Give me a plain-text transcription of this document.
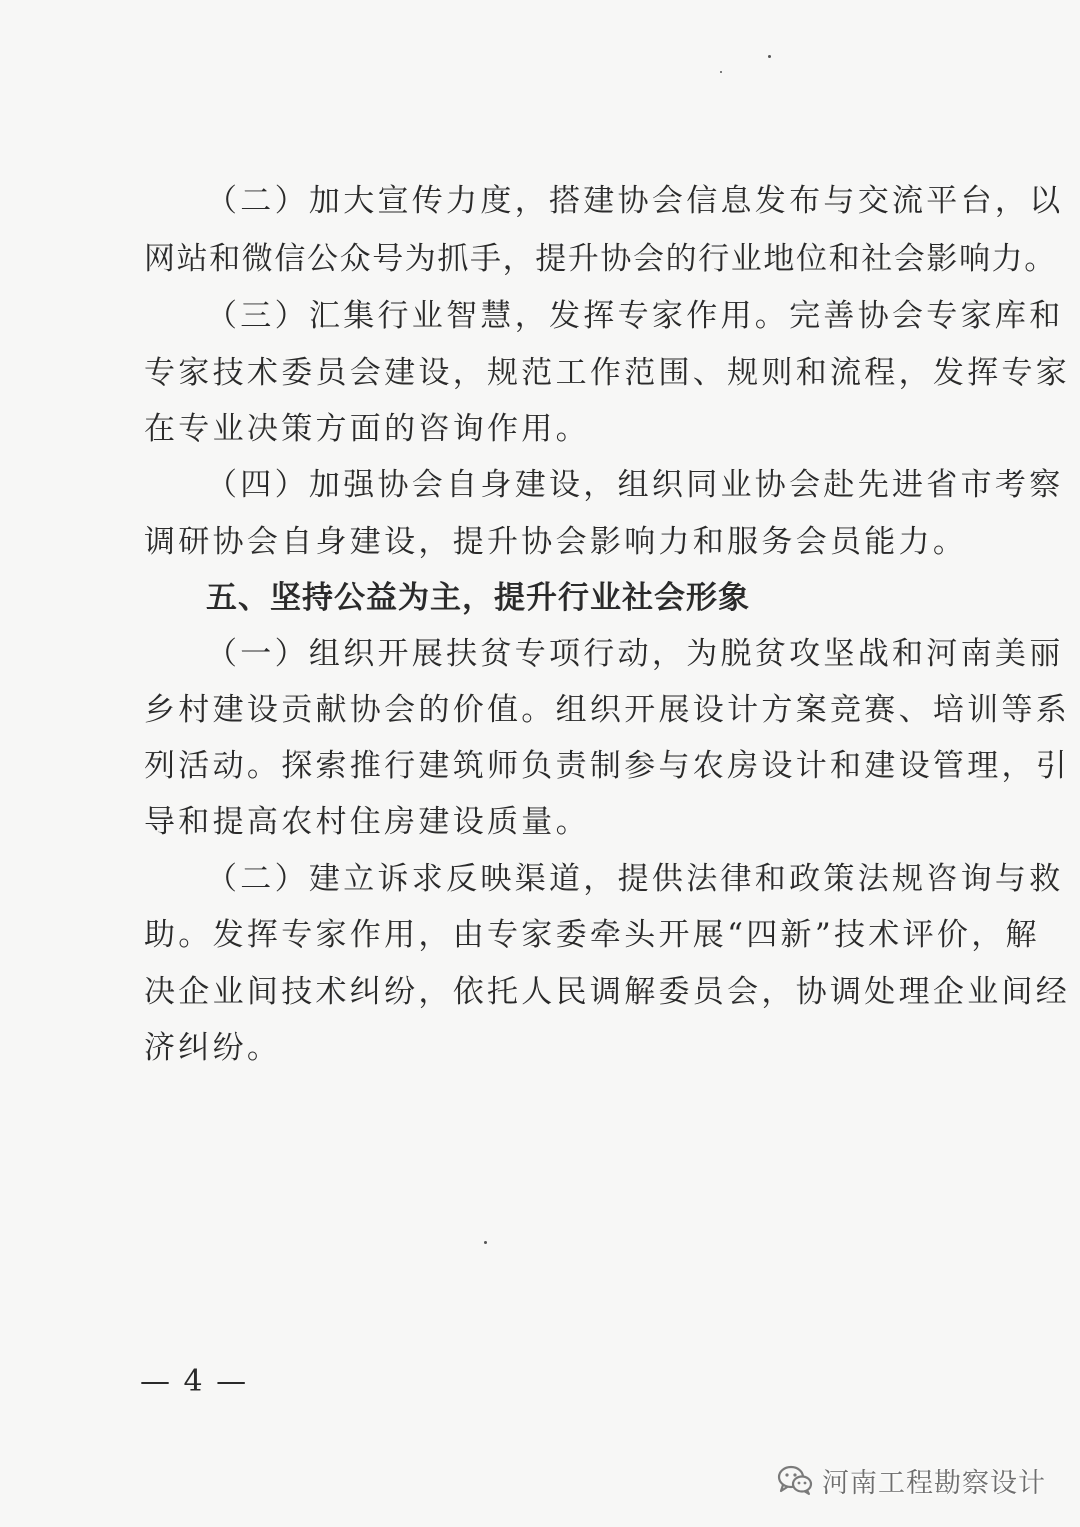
（二）加大宣传力度，搭建协会信息发布与交流平台，以
网站和微信公众号为抓手，提升协会的行业地位和社会影响力。
（三）汇集行业智慧，发挥专家作用。完善协会专家库和
专家技术委员会建设，规范工作范围、规则和流程，发挥专家
在专业决策方面的咨询作用。
（四）加强协会自身建设，组织同业协会赴先进省市考察
调研协会自身建设，提升协会影响力和服务会员能力。
五、坚持公益为主，提升行业社会形象
（一）组织开展扶贫专项行动，为脱贫攻坚战和河南美丽
乡村建设贡献协会的价值。组织开展设计方案竞赛、培训等系
列活动。探索推行建筑师负责制参与农房设计和建设管理，引
导和提高农村住房建设质量。
（二）建立诉求反映渠道，提供法律和政策法规咨询与救
助。发挥专家作用，由专家委牵头开展“四新”技术评价，解
决企业间技术纠纷，依托人民调解委员会，协调处理企业间经
济纠纷。
— 4 —
河南工程勘察设计
